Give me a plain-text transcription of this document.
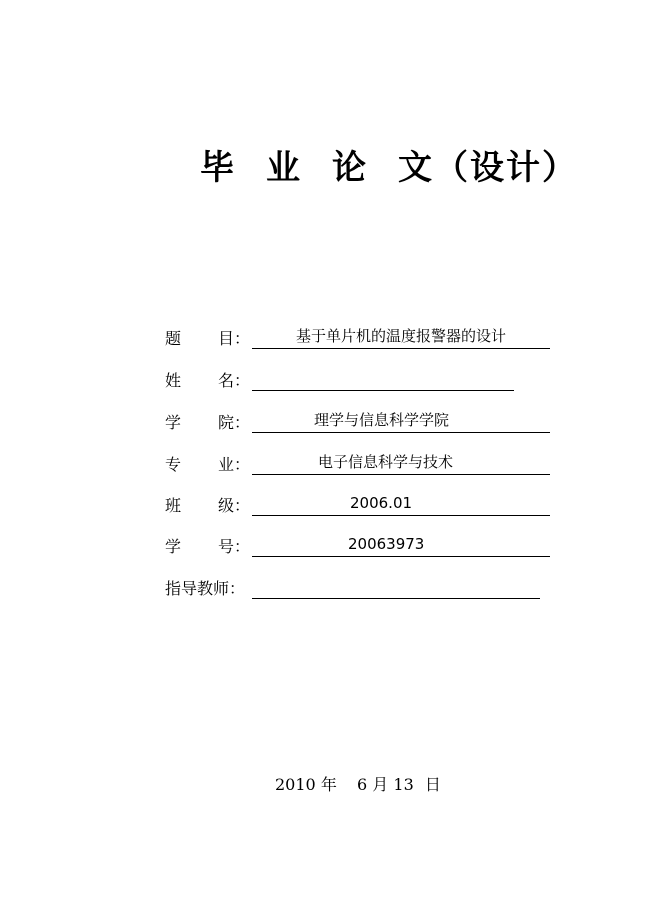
毕 业 论 文（设计）
题 目：	基于单片机的温度报警器的设计
姓 名：
学 院：	理学与信息科学学院
专 业：	电子信息科学与技术
班 级：	2006.01
学 号：	20063973
指导教师：
2010 年 6 月 13 日
